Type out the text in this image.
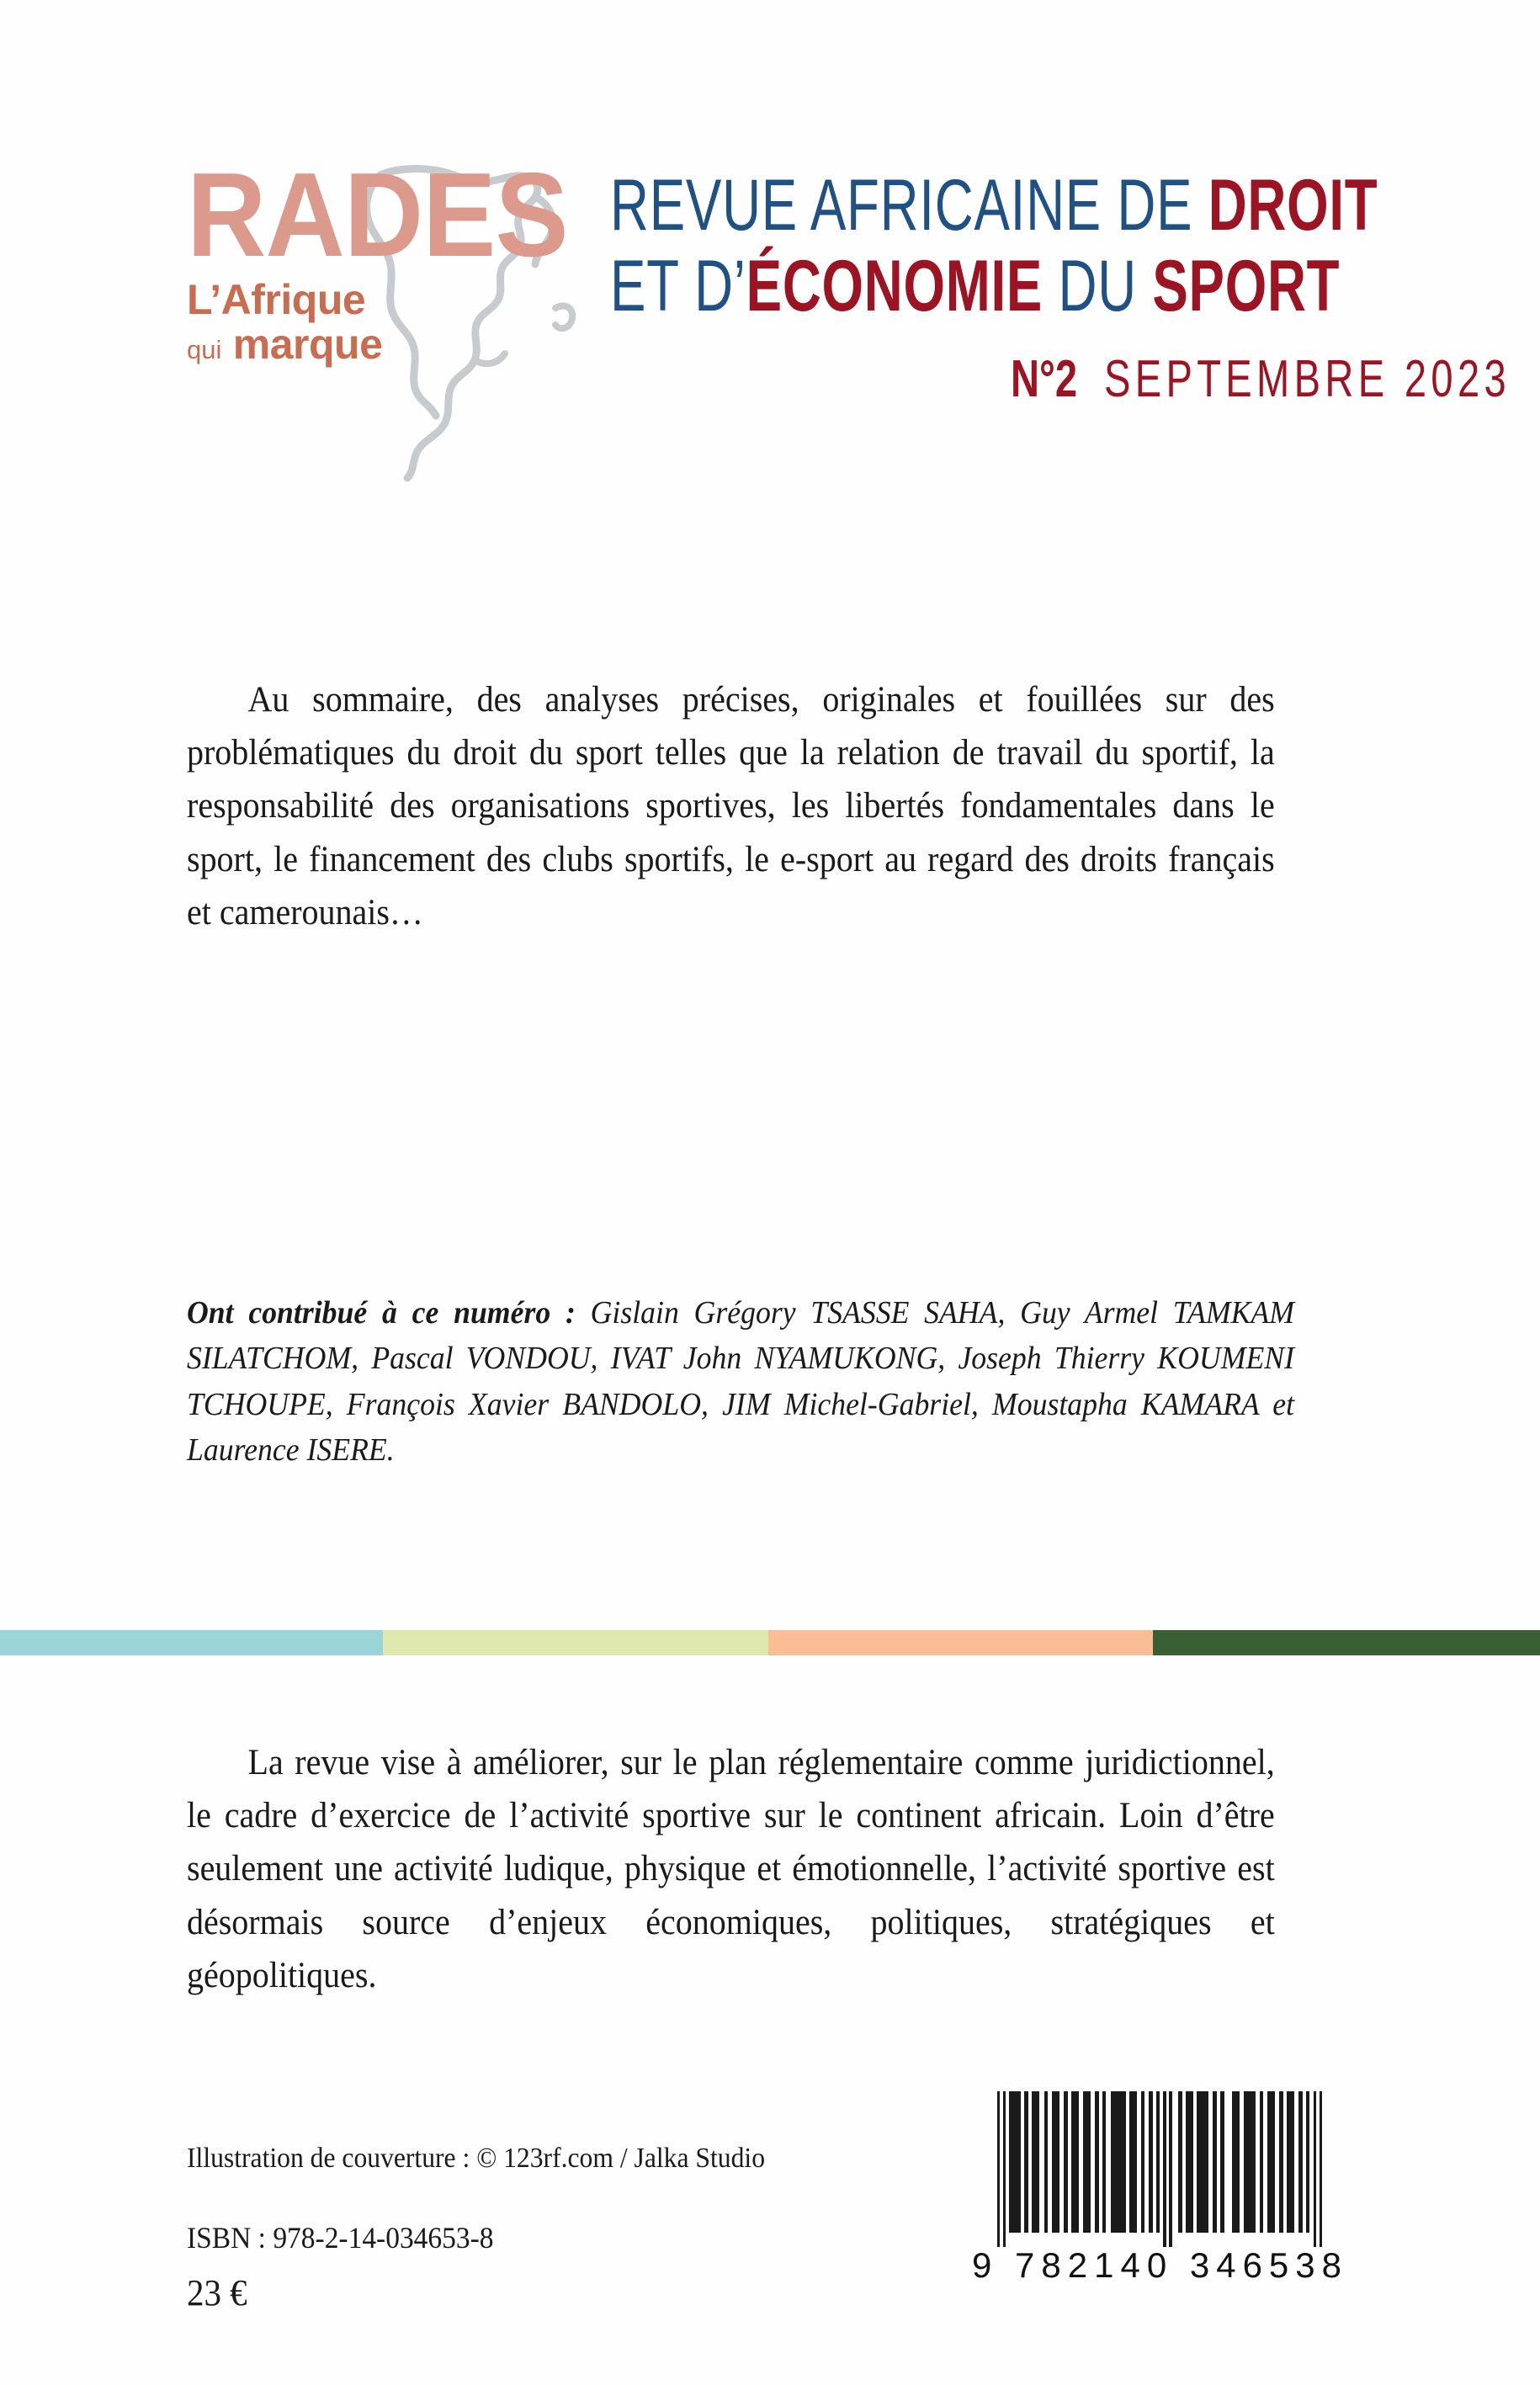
RADES
L’Afrique
qui marque
REVUE AFRICAINE DE DROIT
ET D’ÉCONOMIE DU SPORT
N°2 SEPTEMBRE 2023

Au sommaire, des analyses précises, originales et fouillées sur des problématiques du droit du sport telles que la relation de travail du sportif, la responsabilité des organisations sportives, les libertés fondamentales dans le sport, le financement des clubs sportifs, le e-sport au regard des droits français et camerounais…

Ont contribué à ce numéro : Gislain Grégory TSASSE SAHA, Guy Armel TAMKAM SILATCHOM, Pascal VONDOU, IVAT John NYAMUKONG, Joseph Thierry KOUMENI TCHOUPE, François Xavier BANDOLO, JIM Michel-Gabriel, Moustapha KAMARA et Laurence ISERE.

La revue vise à améliorer, sur le plan réglementaire comme juridictionnel, le cadre d’exercice de l’activité sportive sur le continent africain. Loin d’être seulement une activité ludique, physique et émotionnelle, l’activité sportive est désormais source d’enjeux économiques, politiques, stratégiques et géopolitiques.

Illustration de couverture : © 123rf.com / Jalka Studio
ISBN : 978-2-14-034653-8
23 €
9 782140 346538
